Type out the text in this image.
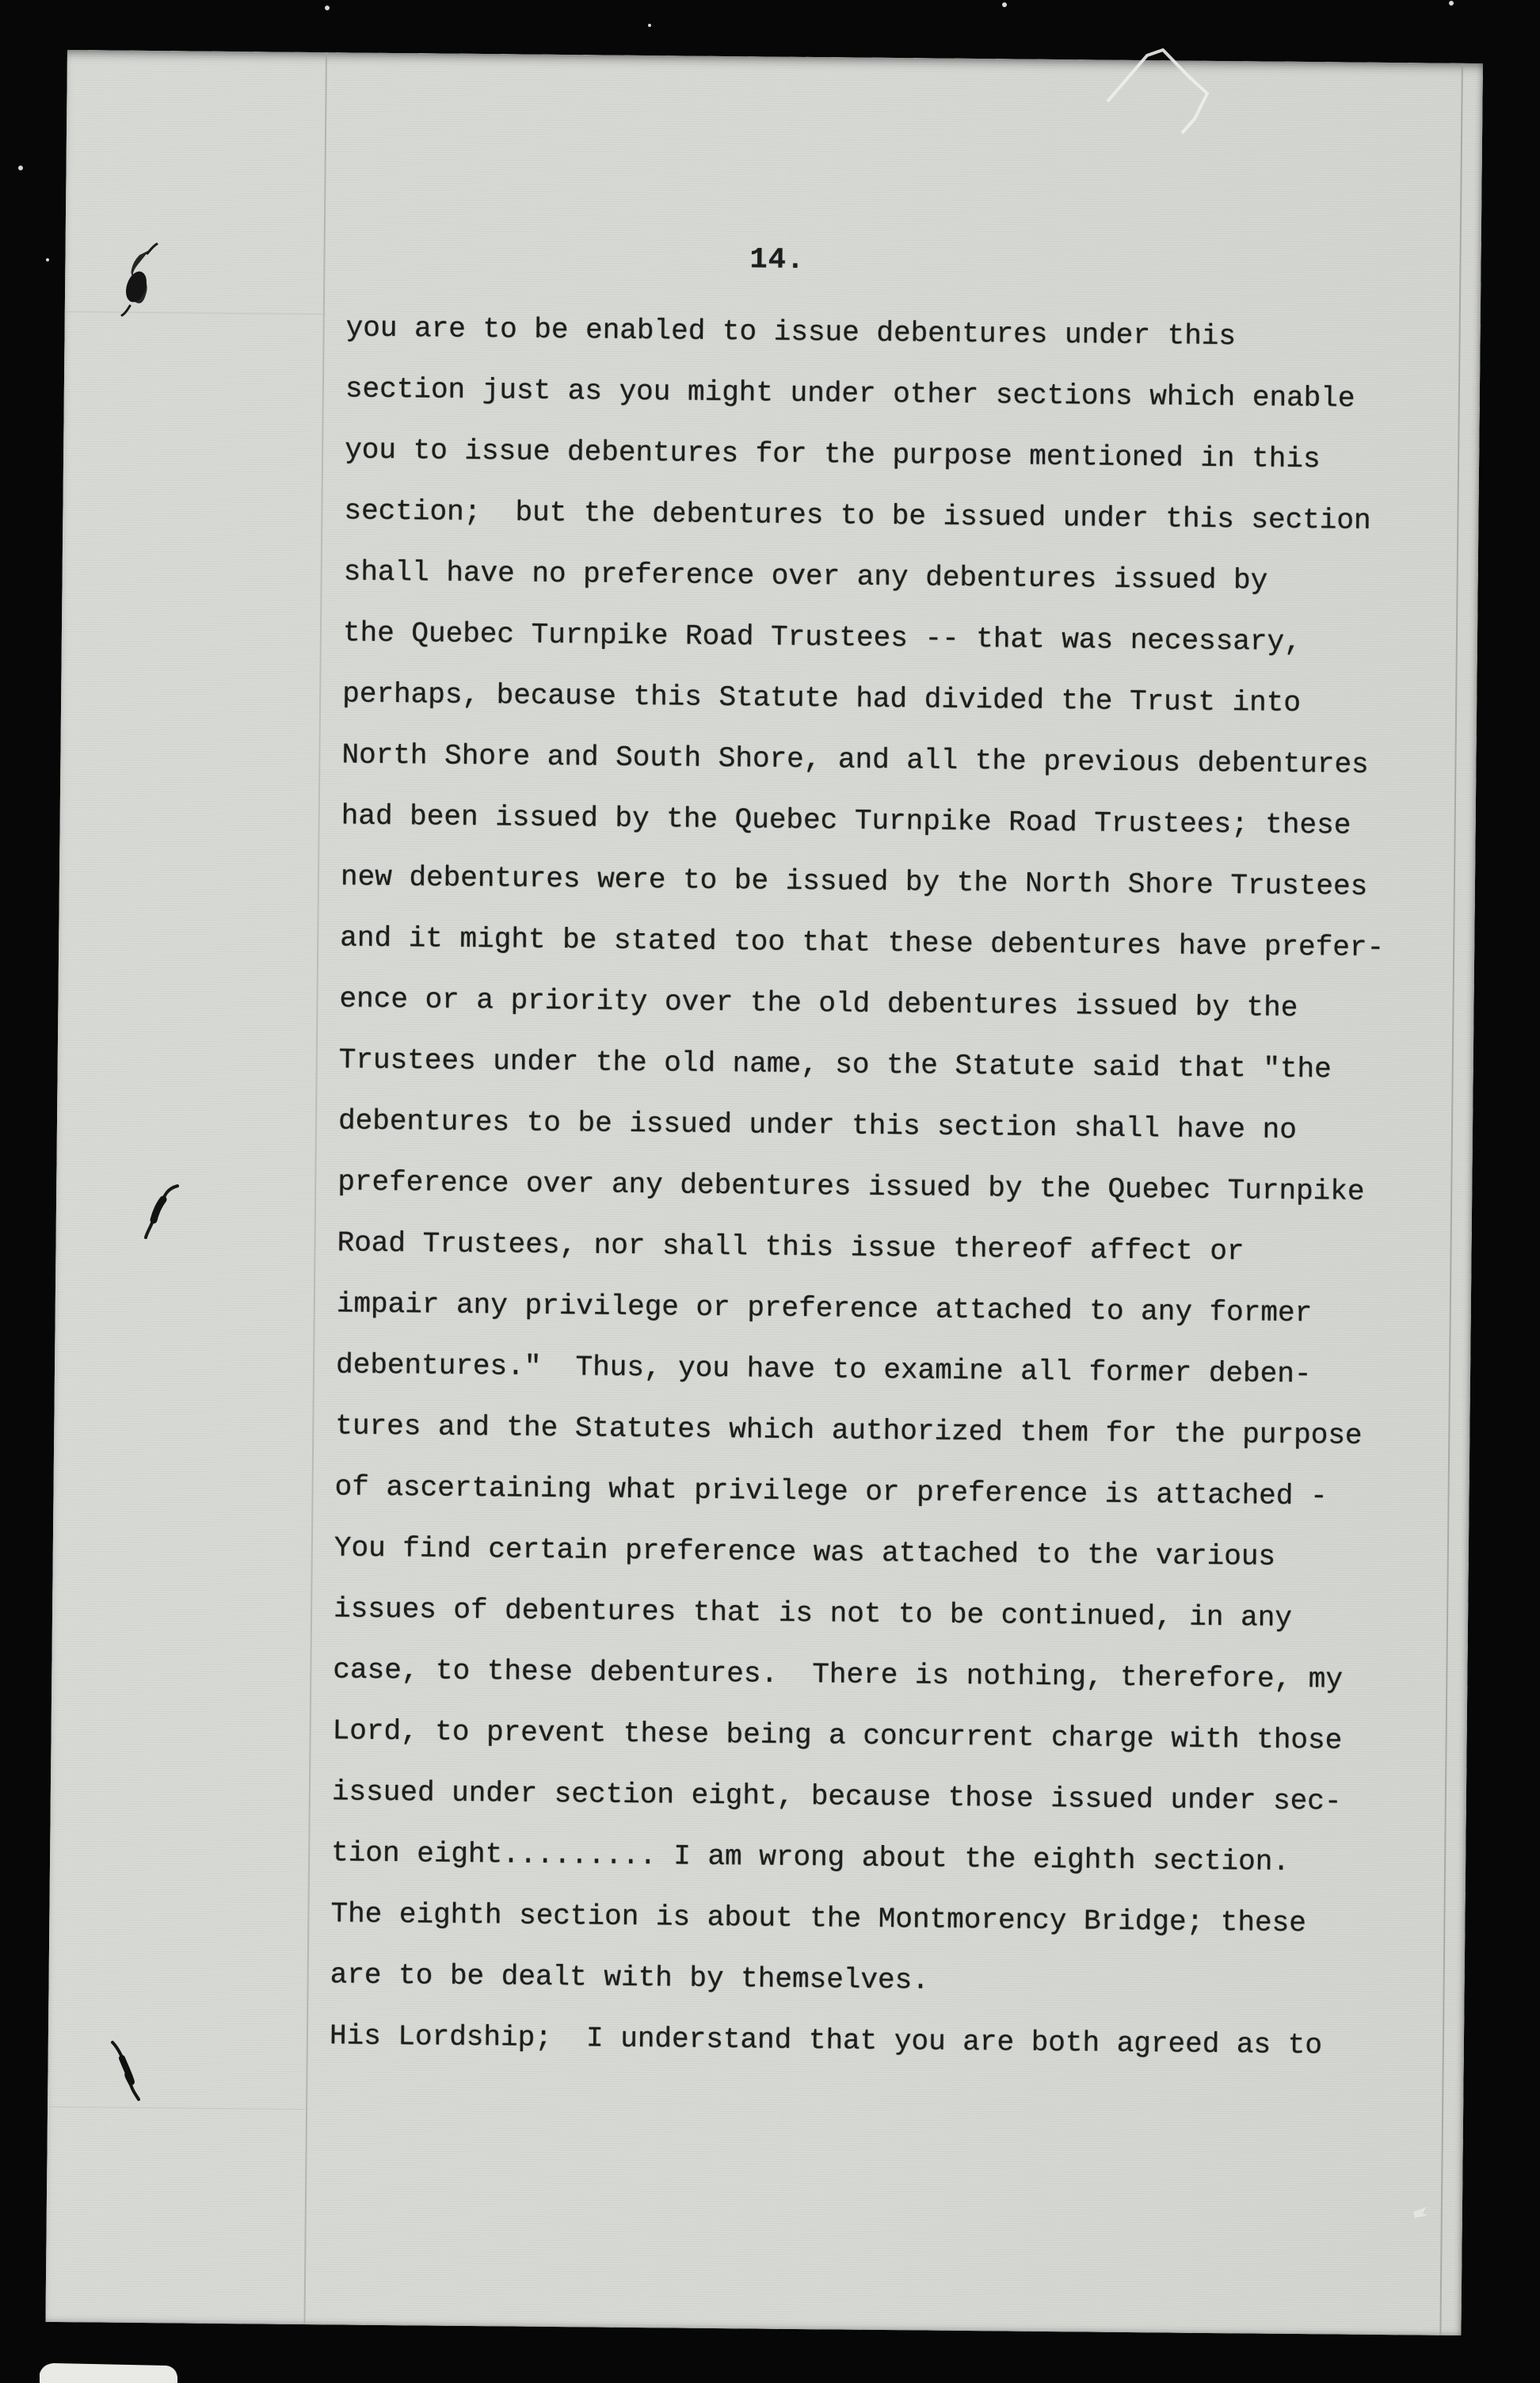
14.
you are to be enabled to issue debentures under this
section just as you might under other sections which enable
you to issue debentures for the purpose mentioned in this
section;  but the debentures to be issued under this section
shall have no preference over any debentures issued by
the Quebec Turnpike Road Trustees -- that was necessary,
perhaps, because this Statute had divided the Trust into
North Shore and South Shore, and all the previous debentures
had been issued by the Quebec Turnpike Road Trustees; these
new debentures were to be issued by the North Shore Trustees
and it might be stated too that these debentures have prefer-
ence or a priority over the old debentures issued by the
Trustees under the old name, so the Statute said that "the
debentures to be issued under this section shall have no
preference over any debentures issued by the Quebec Turnpike
Road Trustees, nor shall this issue thereof affect or
impair any privilege or preference attached to any former
debentures."  Thus, you have to examine all former deben-
tures and the Statutes which authorized them for the purpose
of ascertaining what privilege or preference is attached -
You find certain preference was attached to the various
issues of debentures that is not to be continued, in any
case, to these debentures.  There is nothing, therefore, my
Lord, to prevent these being a concurrent charge with those
issued under section eight, because those issued under sec-
tion eight......... I am wrong about the eighth section.
The eighth section is about the Montmorency Bridge; these
are to be dealt with by themselves.
His Lordship;  I understand that you are both agreed as to
